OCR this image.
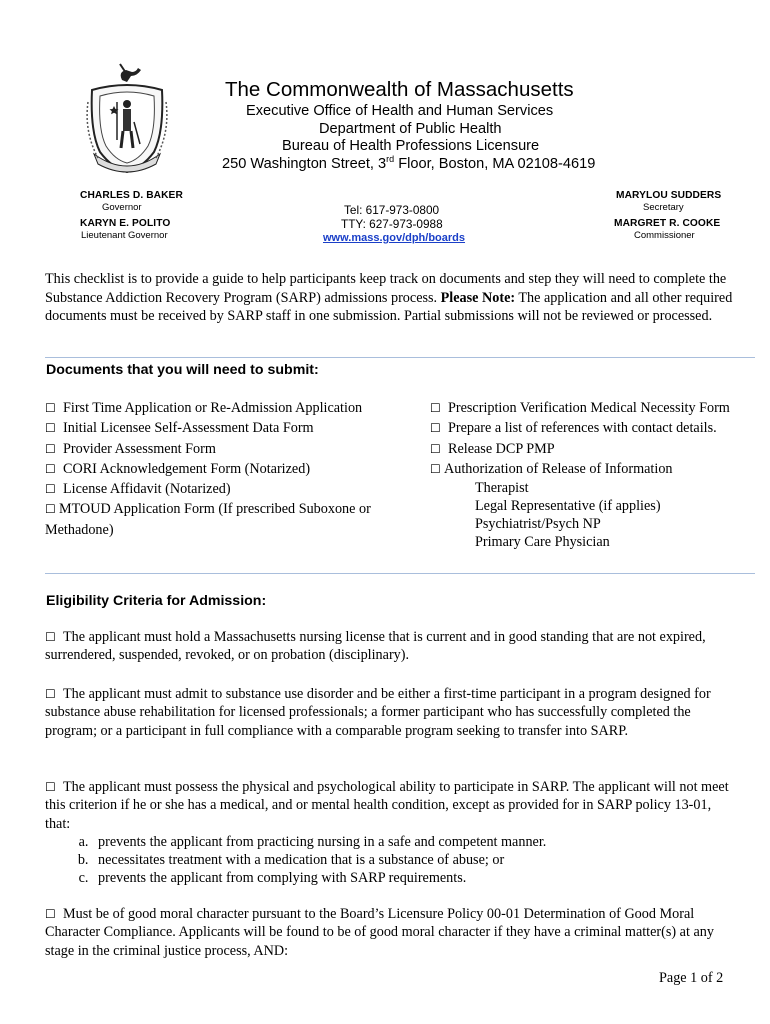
The Commonwealth of Massachusetts
Executive Office of Health and Human Services
Department of Public Health
Bureau of Health Professions Licensure
250 Washington Street, 3rd Floor, Boston, MA 02108-4619
CHARLES D. BAKER
Governor
KARYN E. POLITO
Lieutenant Governor
Tel: 617-973-0800
TTY: 627-973-0988
www.mass.gov/dph/boards
MARYLOU SUDDERS
Secretary
MARGRET R. COOKE
Commissioner
This checklist is to provide a guide to help participants keep track on documents and step they will need to complete the Substance Addiction Recovery Program (SARP) admissions process. Please Note: The application and all other required documents must be received by SARP staff in one submission. Partial submissions will not be reviewed or processed.
Documents that you will need to submit:
☐ First Time Application or Re-Admission Application
☐ Initial Licensee Self-Assessment Data Form
☐ Provider Assessment Form
☐ CORI Acknowledgement Form (Notarized)
☐ License Affidavit (Notarized)
☐ MTOUD Application Form (If prescribed Suboxone or Methadone)
☐ Prescription Verification Medical Necessity Form
☐ Prepare a list of references with contact details.
☐ Release DCP PMP
☐ Authorization of Release of Information
Therapist
Legal Representative (if applies)
Psychiatrist/Psych NP
Primary Care Physician
Eligibility Criteria for Admission:
☐ The applicant must hold a Massachusetts nursing license that is current and in good standing that are not expired, surrendered, suspended, revoked, or on probation (disciplinary).
☐ The applicant must admit to substance use disorder and be either a first-time participant in a program designed for substance abuse rehabilitation for licensed professionals; a former participant who has successfully completed the program; or a participant in full compliance with a comparable program seeking to transfer into SARP.
☐ The applicant must possess the physical and psychological ability to participate in SARP. The applicant will not meet this criterion if he or she has a medical, and or mental health condition, except as provided for in SARP policy 13-01, that:
a. prevents the applicant from practicing nursing in a safe and competent manner.
b. necessitates treatment with a medication that is a substance of abuse; or
c. prevents the applicant from complying with SARP requirements.
☐ Must be of good moral character pursuant to the Board’s Licensure Policy 00-01 Determination of Good Moral Character Compliance. Applicants will be found to be of good moral character if they have a criminal matter(s) at any stage in the criminal justice process, AND:
Page 1 of 2
